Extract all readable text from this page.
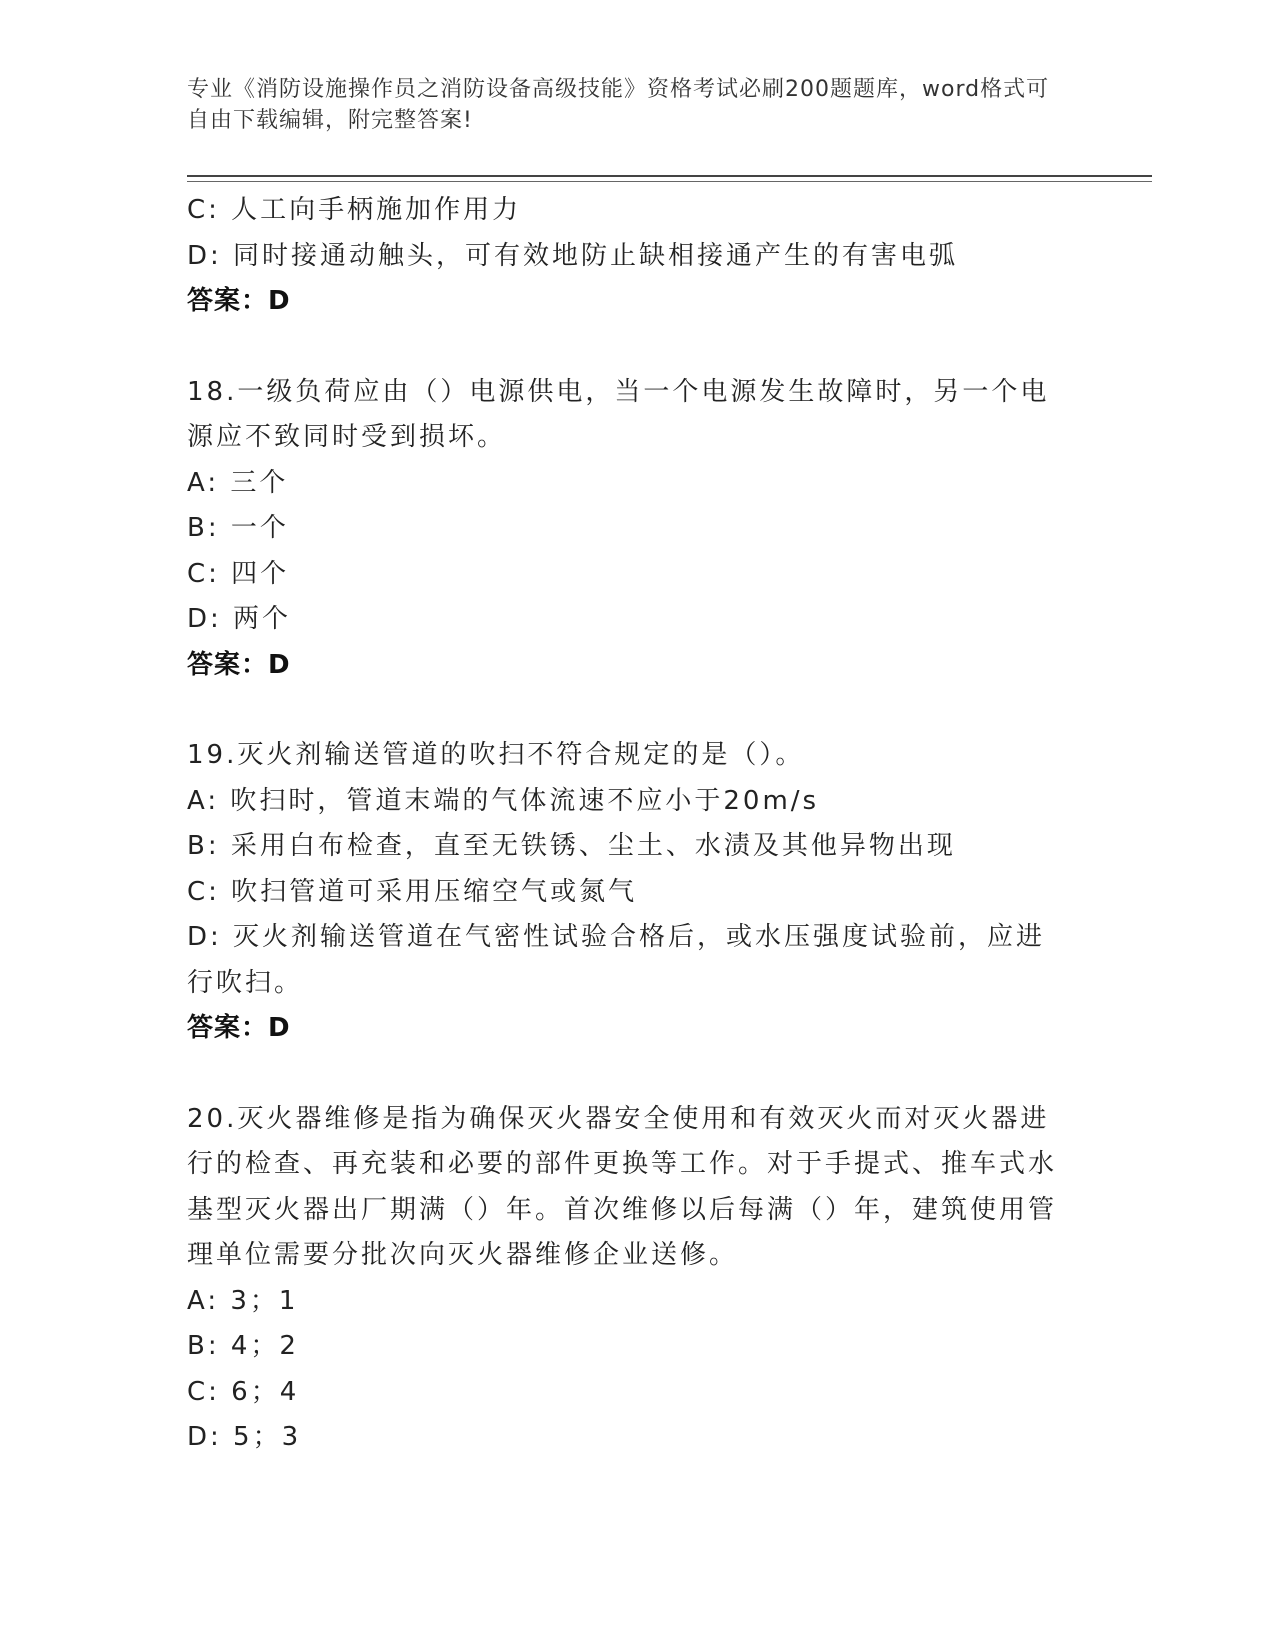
专业《消防设施操作员之消防设备高级技能》资格考试必刷200题题库，word格式可自由下载编辑，附完整答案!
C: 人工向手柄施加作用力
D: 同时接通动触头，可有效地防止缺相接通产生的有害电弧
答案：D
18.一级负荷应由（）电源供电，当一个电源发生故障时，另一个电源应不致同时受到损坏。
A: 三个
B: 一个
C: 四个
D: 两个
答案：D
19.灭火剂输送管道的吹扫不符合规定的是（）。
A: 吹扫时，管道末端的气体流速不应小于20m/s
B: 采用白布检查，直至无铁锈、尘土、水渍及其他异物出现
C: 吹扫管道可采用压缩空气或氮气
D: 灭火剂输送管道在气密性试验合格后，或水压强度试验前，应进行吹扫。
答案：D
20.灭火器维修是指为确保灭火器安全使用和有效灭火而对灭火器进行的检查、再充装和必要的部件更换等工作。对于手提式、推车式水基型灭火器出厂期满（）年。首次维修以后每满（）年，建筑使用管理单位需要分批次向灭火器维修企业送修。
A: 3；1
B: 4；2
C: 6；4
D: 5；3
